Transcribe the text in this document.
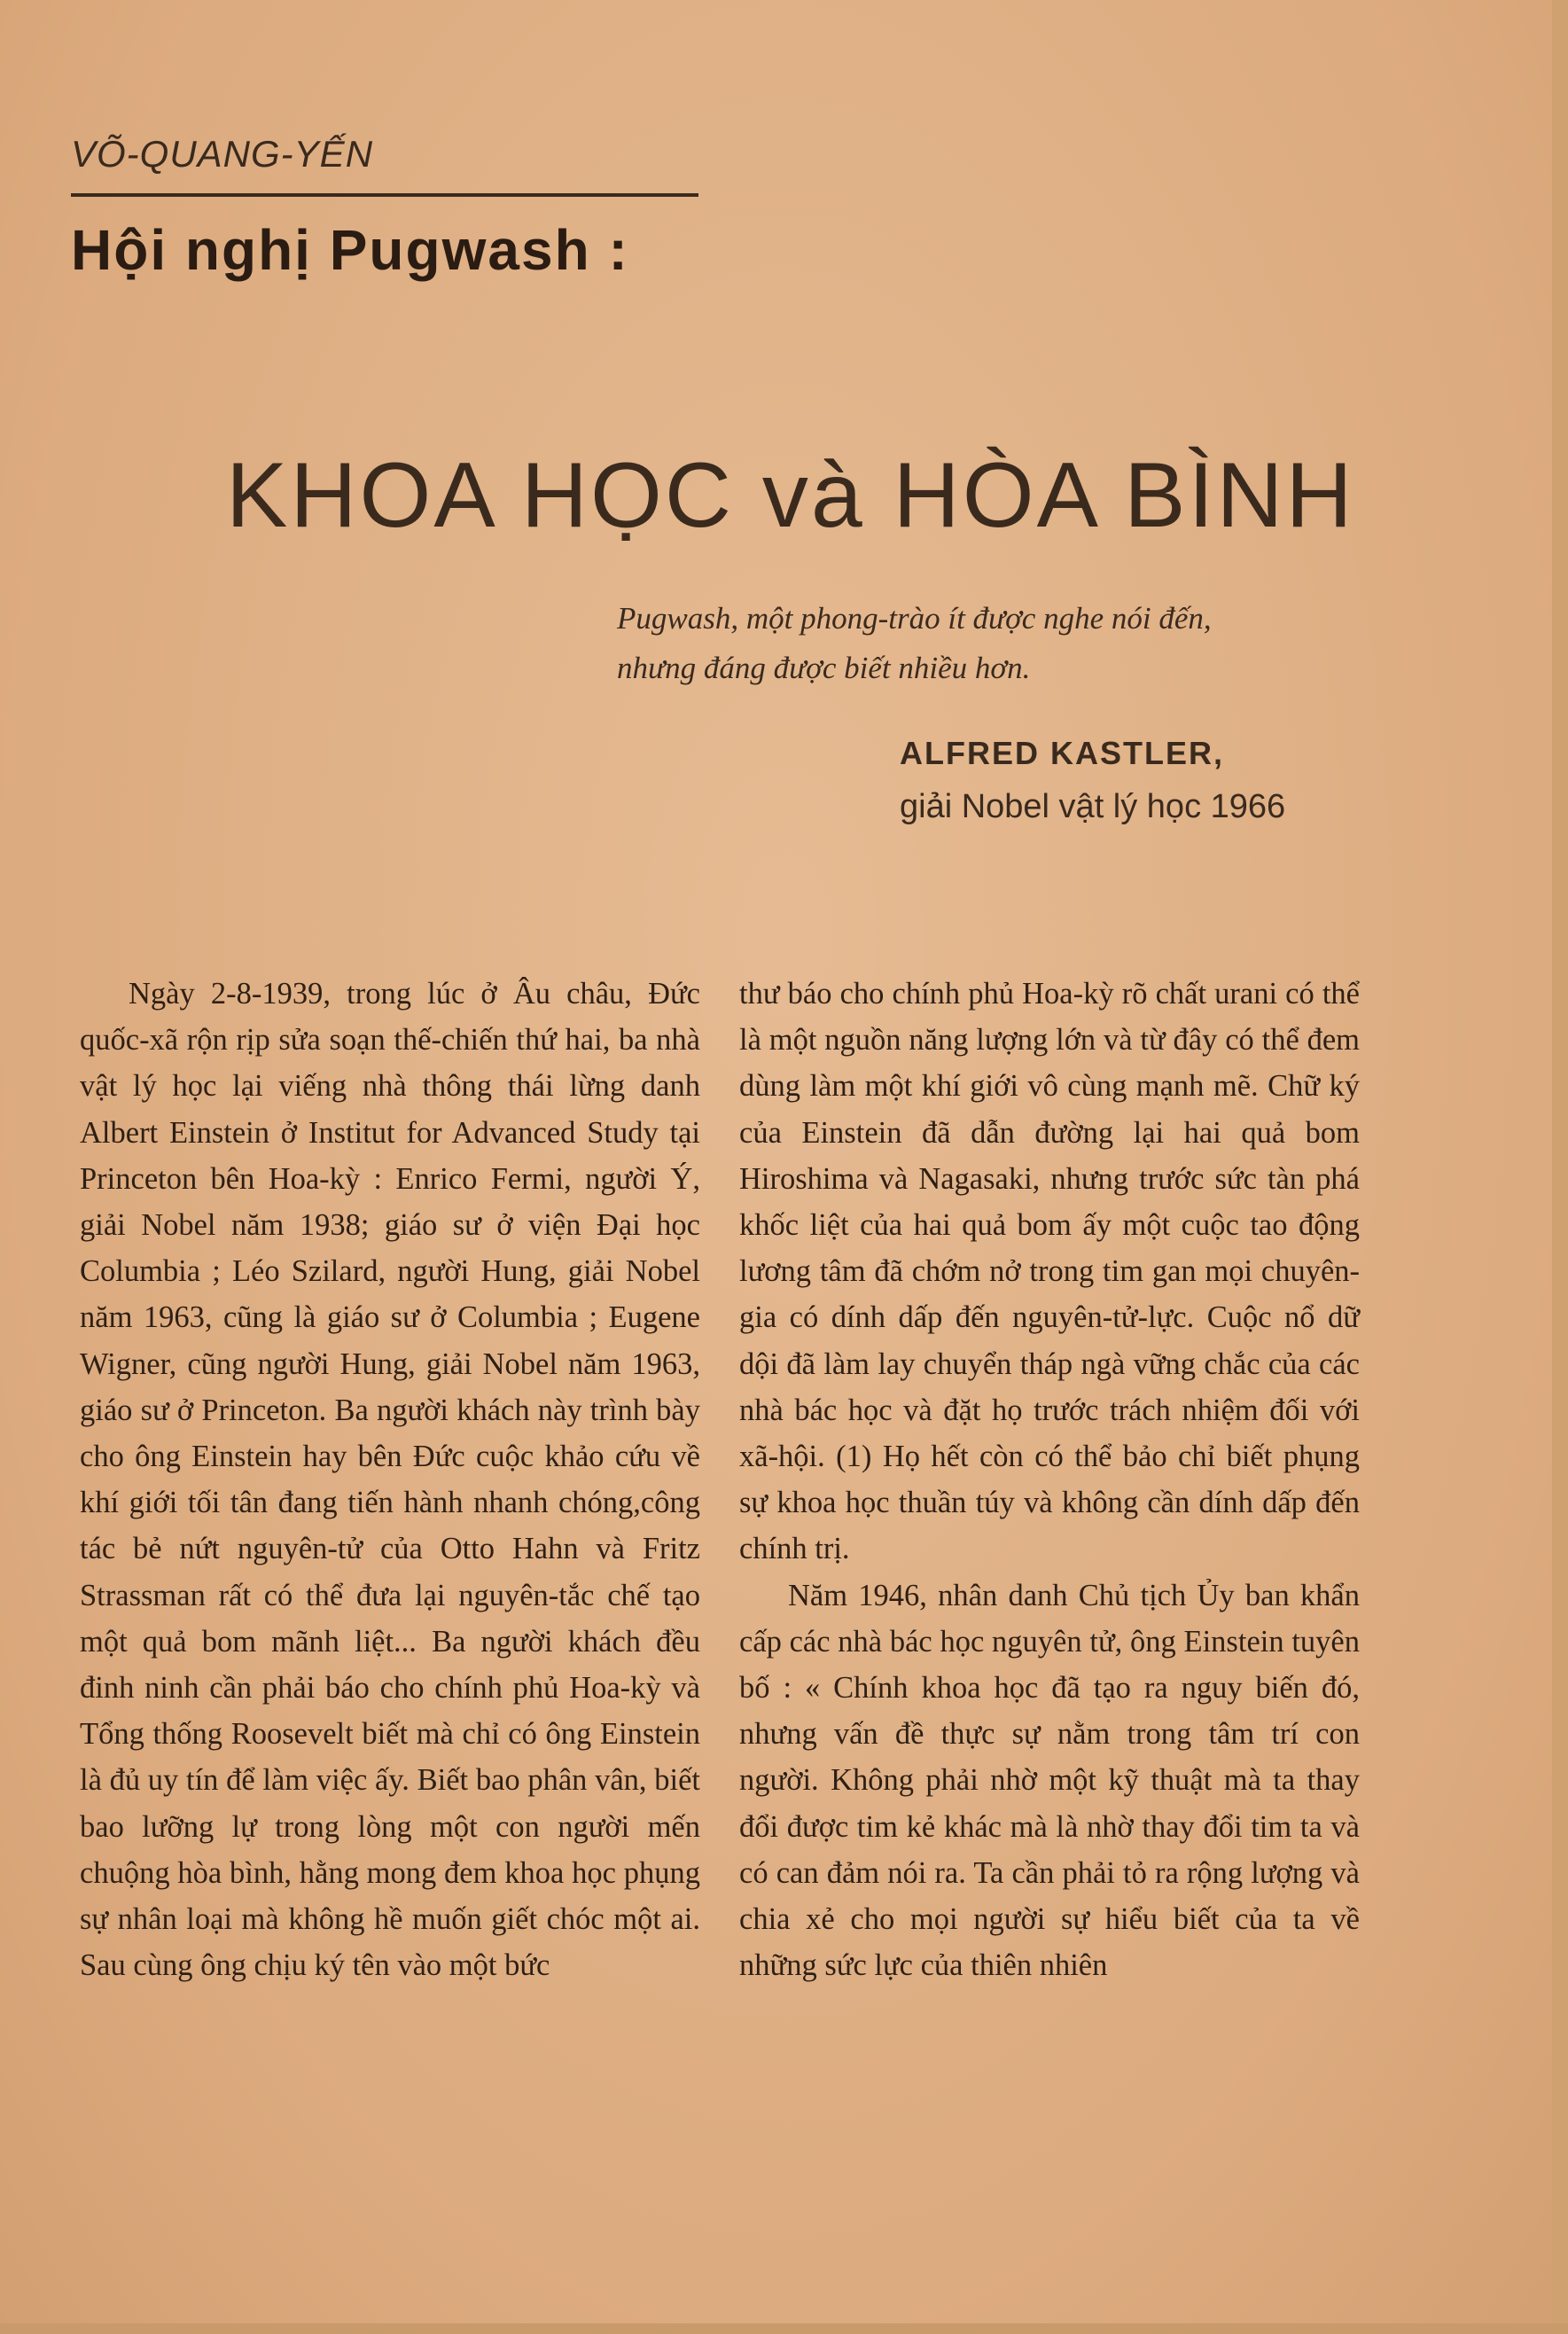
VÕ-QUANG-YẾN
Hội nghị Pugwash :
KHOA HỌC và HÒA BÌNH
Pugwash, một phong-trào ít được nghe nói đến,
nhưng đáng được biết nhiều hơn.
ALFRED KASTLER,
giải Nobel vật lý học 1966

Ngày 2-8-1939, trong lúc ở Âu châu, Đức quốc-xã rộn rịp sửa soạn thế-chiến thứ hai, ba nhà vật lý học lại viếng nhà thông thái lừng danh Albert Einstein ở Institut for Advanced Study tại Princeton bên Hoa-kỳ : Enrico Fermi, người Ý, giải Nobel năm 1938; giáo sư ở viện Đại học Columbia ; Léo Szilard, người Hung, giải Nobel năm 1963, cũng là giáo sư ở Columbia ; Eugene Wigner, cũng người Hung, giải Nobel năm 1963, giáo sư ở Princeton. Ba người khách này trình bày cho ông Einstein hay bên Đức cuộc khảo cứu về khí giới tối tân đang tiến hành nhanh chóng,công tác bẻ nứt nguyên-tử của Otto Hahn và Fritz Strassman rất có thể đưa lại nguyên-tắc chế tạo một quả bom mãnh liệt... Ba người khách đều đinh ninh cần phải báo cho chính phủ Hoa-kỳ và Tổng thống Roosevelt biết mà chỉ có ông Einstein là đủ uy tín để làm việc ấy. Biết bao phân vân, biết bao lưỡng lự trong lòng một con người mến chuộng hòa bình, hằng mong đem khoa học phụng sự nhân loại mà không hề muốn giết chóc một ai. Sau cùng ông chịu ký tên vào một bức

thư báo cho chính phủ Hoa-kỳ rõ chất urani có thể là một nguồn năng lượng lớn và từ đây có thể đem dùng làm một khí giới vô cùng mạnh mẽ. Chữ ký của Einstein đã dẫn đường lại hai quả bom Hiroshima và Nagasaki, nhưng trước sức tàn phá khốc liệt của hai quả bom ấy một cuộc tao động lương tâm đã chớm nở trong tim gan mọi chuyên-gia có dính dấp đến nguyên-tử-lực. Cuộc nổ dữ dội đã làm lay chuyển tháp ngà vững chắc của các nhà bác học và đặt họ trước trách nhiệm đối với xã-hội. (1) Họ hết còn có thể bảo chỉ biết phụng sự khoa học thuần túy và không cần dính dấp đến chính trị.

Năm 1946, nhân danh Chủ tịch Ủy ban khẩn cấp các nhà bác học nguyên tử, ông Einstein tuyên bố : « Chính khoa học đã tạo ra nguy biến đó, nhưng vấn đề thực sự nằm trong tâm trí con người. Không phải nhờ một kỹ thuật mà ta thay đổi được tim kẻ khác mà là nhờ thay đổi tim ta và có can đảm nói ra. Ta cần phải tỏ ra rộng lượng và chia xẻ cho mọi người sự hiểu biết của ta về những sức lực của thiên nhiên
